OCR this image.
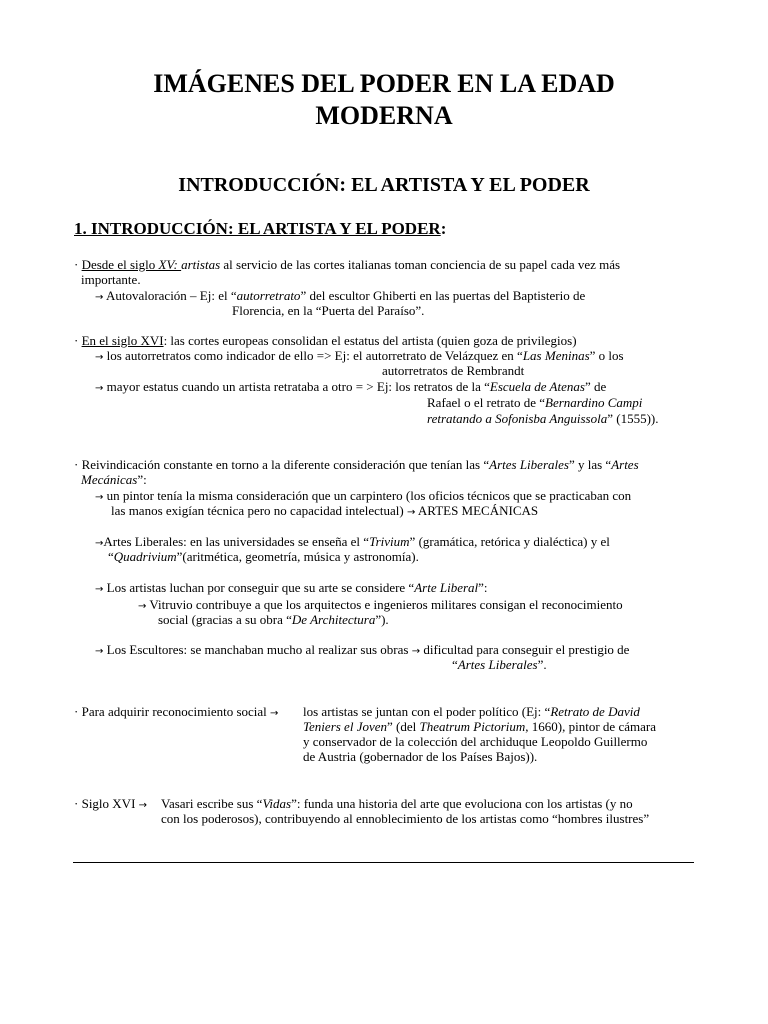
IMÁGENES DEL PODER EN LA EDAD
MODERNA
INTRODUCCIÓN: EL ARTISTA Y EL PODER
1. INTRODUCCIÓN: EL ARTISTA Y EL PODER:
· Desde el siglo XV: artistas al servicio de las cortes italianas toman conciencia de su papel cada vez más
importante.
→ Autovaloración – Ej: el “autorretrato” del escultor Ghiberti en las puertas del Baptisterio de
Florencia, en la “Puerta del Paraíso”.
· En el siglo XVI: las cortes europeas consolidan el estatus del artista (quien goza de privilegios)
→ los autorretratos como indicador de ello => Ej: el autorretrato de Velázquez en “Las Meninas” o los
autorretratos de Rembrandt
→ mayor estatus cuando un artista retrataba a otro = > Ej: los retratos de la “Escuela de Atenas” de
Rafael o el retrato de “Bernardino Campi
retratando a Sofonisba Anguissola” (1555)).
· Reivindicación constante en torno a la diferente consideración que tenían las “Artes Liberales” y las “Artes
Mecánicas”:
→ un pintor tenía la misma consideración que un carpintero (los oficios técnicos que se practicaban con
las manos exigían técnica pero no capacidad intelectual) → ARTES MECÁNICAS
→Artes Liberales: en las universidades se enseña el “Trivium” (gramática, retórica y dialéctica) y el
“Quadrivium”(aritmética, geometría, música y astronomía).
→ Los artistas luchan por conseguir que su arte se considere “Arte Liberal”:
→ Vitruvio contribuye a que los arquitectos e ingenieros militares consigan el reconocimiento
social (gracias a su obra “De Architectura”).
→ Los Escultores: se manchaban mucho al realizar sus obras → dificultad para conseguir el prestigio de
“Artes Liberales”.
· Para adquirir reconocimiento social → los artistas se juntan con el poder político (Ej: “Retrato de David
Teniers el Joven” (del Theatrum Pictorium, 1660), pintor de cámara
y conservador de la colección del archiduque Leopoldo Guillermo
de Austria (gobernador de los Países Bajos)).
· Siglo XVI → Vasari escribe sus “Vidas”: funda una historia del arte que evoluciona con los artistas (y no
con los poderosos), contribuyendo al ennoblecimiento de los artistas como “hombres ilustres”
